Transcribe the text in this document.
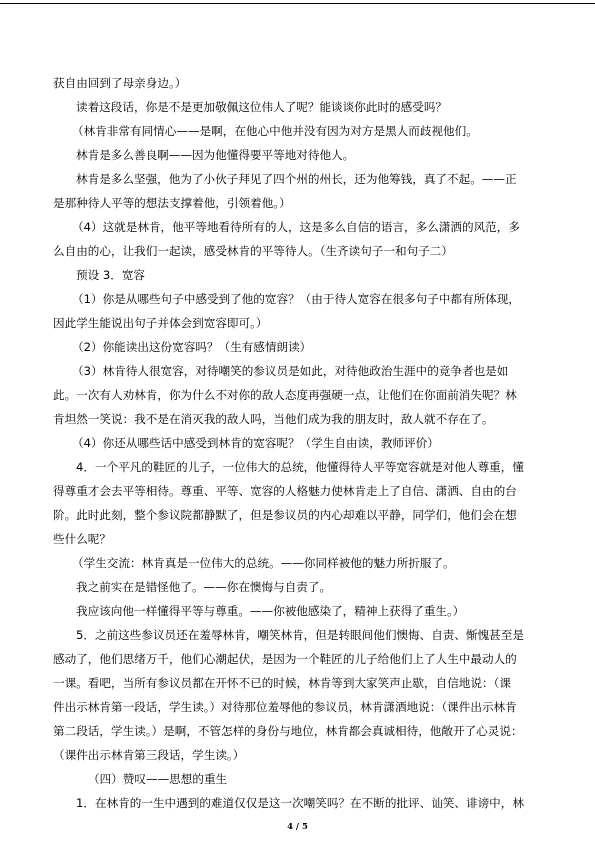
获自由回到了母亲身边。）
读着这段话，你是不是更加敬佩这位伟人了呢？能谈谈你此时的感受吗？
（林肯非常有同情心——是啊，在他心中他并没有因为对方是黑人而歧视他们。
林肯是多么善良啊——因为他懂得要平等地对待他人。
林肯是多么坚强，他为了小伙子拜见了四个州的州长，还为他筹钱，真了不起。——正
是那种待人平等的想法支撑着他，引领着他。）
（4）这就是林肯，他平等地看待所有的人，这是多么自信的语言，多么潇洒的风范，多
么自由的心，让我们一起读，感受林肯的平等待人。（生齐读句子一和句子二）
预设 3．宽容
（1）你是从哪些句子中感受到了他的宽容？（由于待人宽容在很多句子中都有所体现，
因此学生能说出句子并体会到宽容即可。）
（2）你能读出这份宽容吗？（生有感情朗读）
（3）林肯待人很宽容，对待嘲笑的参议员是如此，对待他政治生涯中的竞争者也是如
此。一次有人劝林肯，你为什么不对你的敌人态度再强硬一点，让他们在你面前消失呢？林
肯坦然一笑说：我不是在消灭我的敌人吗，当他们成为我的朋友时，敌人就不存在了。
（4）你还从哪些话中感受到林肯的宽容呢？（学生自由读，教师评价）
4．一个平凡的鞋匠的儿子，一位伟大的总统，他懂得待人平等宽容就是对他人尊重，懂
得尊重才会去平等相待。尊重、平等、宽容的人格魅力使林肯走上了自信、潇洒、自由的台
阶。此时此刻，整个参议院都静默了，但是参议员的内心却难以平静，同学们，他们会在想
些什么呢？
（学生交流：林肯真是一位伟大的总统。——你同样被他的魅力所折服了。
我之前实在是错怪他了。——你在懊悔与自责了。
我应该向他一样懂得平等与尊重。——你被他感染了，精神上获得了重生。）
5．之前这些参议员还在羞辱林肯，嘲笑林肯，但是转眼间他们懊悔、自责、惭愧甚至是
感动了，他们思绪万千，他们心潮起伏，是因为一个鞋匠的儿子给他们上了人生中最动人的
一课。看吧，当所有参议员都在开怀不已的时候，林肯等到大家笑声止歇，自信地说：（课
件出示林肯第一段话，学生读。）对待那位羞辱他的参议员，林肯潇洒地说：（课件出示林肯
第二段话，学生读。）是啊，不管怎样的身份与地位，林肯都会真诚相待，他敞开了心灵说：
（课件出示林肯第三段话，学生读。）
（四）赞叹——思想的重生
1．在林肯的一生中遇到的难道仅仅是这一次嘲笑吗？在不断的批评、讪笑、诽谤中，林
4 / 5
